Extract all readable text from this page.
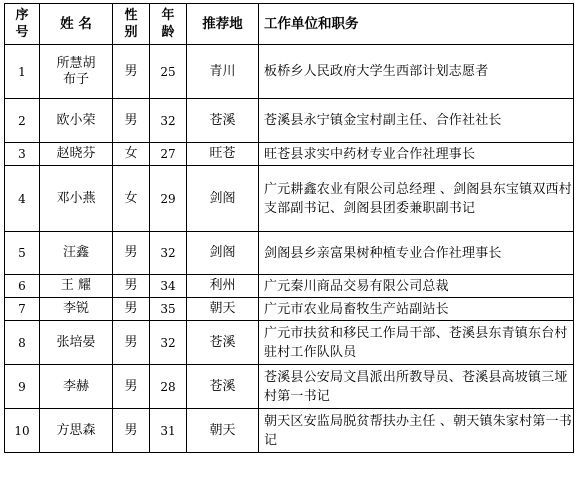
序号	姓 名	性别	年龄	推荐地	工作单位和职务
1	所慧胡布子	男	25	青川	板桥乡人民政府大学生西部计划志愿者
2	欧小荣	男	32	苍溪	苍溪县永宁镇金宝村副主任、合作社社长
3	赵晓芬	女	27	旺苍	旺苍县求实中药材专业合作社理事长
4	邓小燕	女	29	剑阁	广元耕鑫农业有限公司总经理 、剑阁县东宝镇双西村支部副书记、剑阁县团委兼职副书记
5	汪鑫	男	32	剑阁	剑阁县乡亲富果树种植专业合作社理事长
6	王 耀	男	34	利州	广元秦川商品交易有限公司总裁
7	李锐	男	35	朝天	广元市农业局畜牧生产站副站长
8	张培晏	男	32	苍溪	广元市扶贫和移民工作局干部、苍溪县东青镇东台村驻村工作队队员
9	李赫	男	28	苍溪	苍溪县公安局文昌派出所教导员、苍溪县高坡镇三垭村第一书记
10	方思森	男	31	朝天	朝天区安监局脱贫帮扶办主任 、朝天镇朱家村第一书记
